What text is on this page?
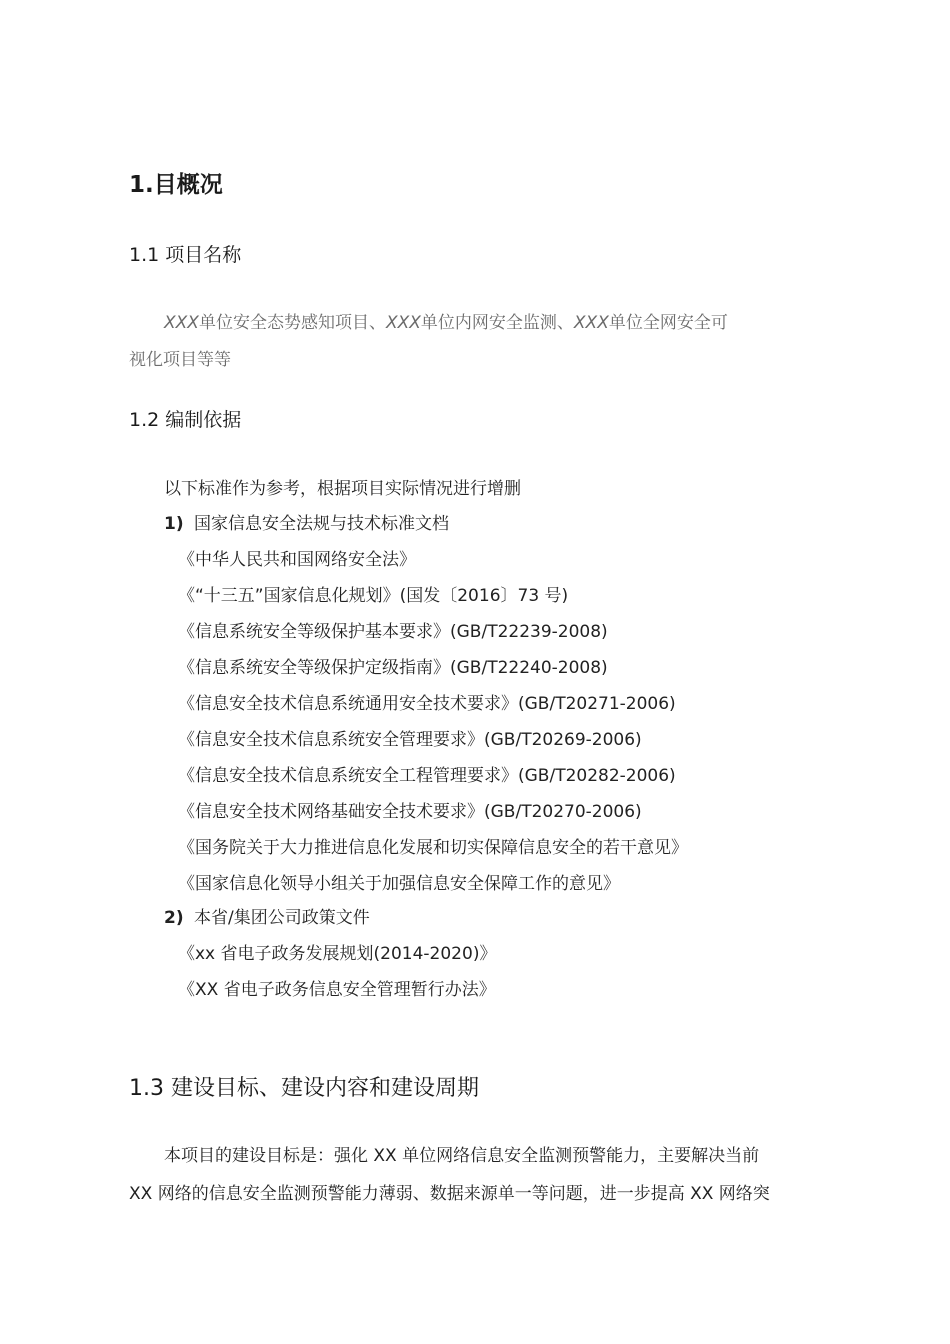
1.目概况
1.1 项目名称
XXX单位安全态势感知项目、XXX单位内网安全监测、XXX单位全网安全可
视化项目等等
1.2 编制依据
以下标准作为参考，根据项目实际情况进行增删
1) 国家信息安全法规与技术标准文档
《中华人民共和国网络安全法》
《“十三五”国家信息化规划》(国发〔2016〕73 号)
《信息系统安全等级保护基本要求》(GB/T22239-2008)
《信息系统安全等级保护定级指南》(GB/T22240-2008)
《信息安全技术信息系统通用安全技术要求》(GB/T20271-2006)
《信息安全技术信息系统安全管理要求》(GB/T20269-2006)
《信息安全技术信息系统安全工程管理要求》(GB/T20282-2006)
《信息安全技术网络基础安全技术要求》(GB/T20270-2006)
《国务院关于大力推进信息化发展和切实保障信息安全的若干意见》
《国家信息化领导小组关于加强信息安全保障工作的意见》
2) 本省/集团公司政策文件
《xx 省电子政务发展规划(2014-2020)》
《XX 省电子政务信息安全管理暂行办法》
1.3 建设目标、建设内容和建设周期
本项目的建设目标是：强化 XX 单位网络信息安全监测预警能力，主要解决当前
XX 网络的信息安全监测预警能力薄弱、数据来源单一等问题，进一步提高 XX 网络突
